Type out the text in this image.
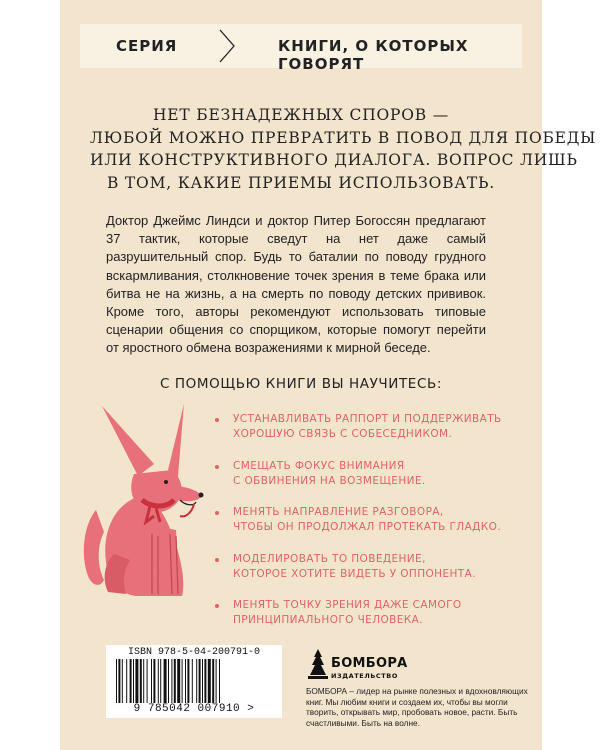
СЕРИЯ	КНИГИ, О КОТОРЫХ ГОВОРЯТ
НЕТ БЕЗНАДЕЖНЫХ СПОРОВ —
ЛЮБОЙ МОЖНО ПРЕВРАТИТЬ В ПОВОД ДЛЯ ПОБЕДЫ
ИЛИ КОНСТРУКТИВНОГО ДИАЛОГА. ВОПРОС ЛИШЬ
В ТОМ, КАКИЕ ПРИЕМЫ ИСПОЛЬЗОВАТЬ.
Доктор Джеймс Линдси и доктор Питер Богоссян предлагают 37 тактик, которые сведут на нет даже самый разрушительный спор. Будь то баталии по поводу грудного вскармливания, столкновение точек зрения в теме брака или битва не на жизнь, а на смерть по поводу детских прививок. Кроме того, авторы рекомендуют использовать типовые сценарии общения со спорщиком, которые помогут перейти от яростного обмена возражениями к мирной беседе.
С ПОМОЩЬЮ КНИГИ ВЫ НАУЧИТЕСЬ:
УСТАНАВЛИВАТЬ РАППОРТ И ПОДДЕРЖИВАТЬ
ХОРОШУЮ СВЯЗЬ С СОБЕСЕДНИКОМ.
СМЕЩАТЬ ФОКУС ВНИМАНИЯ
С ОБВИНЕНИЯ НА ВОЗМЕЩЕНИЕ.
МЕНЯТЬ НАПРАВЛЕНИЕ РАЗГОВОРА,
ЧТОБЫ ОН ПРОДОЛЖАЛ ПРОТЕКАТЬ ГЛАДКО.
МОДЕЛИРОВАТЬ ТО ПОВЕДЕНИЕ,
КОТОРОЕ ХОТИТЕ ВИДЕТЬ У ОППОНЕНТА.
МЕНЯТЬ ТОЧКУ ЗРЕНИЯ ДАЖЕ САМОГО
ПРИНЦИПИАЛЬНОГО ЧЕЛОВЕКА.
ISBN 978-5-04-200791-0
9 785042 007910 >
БОМБОРА
ИЗДАТЕЛЬСТВО
БОМБОРА – лидер на рынке полезных и вдохновляющих книг. Мы любим книги и создаем их, чтобы вы могли творить, открывать мир, пробовать новое, расти. Быть счастливыми. Быть на волне.
